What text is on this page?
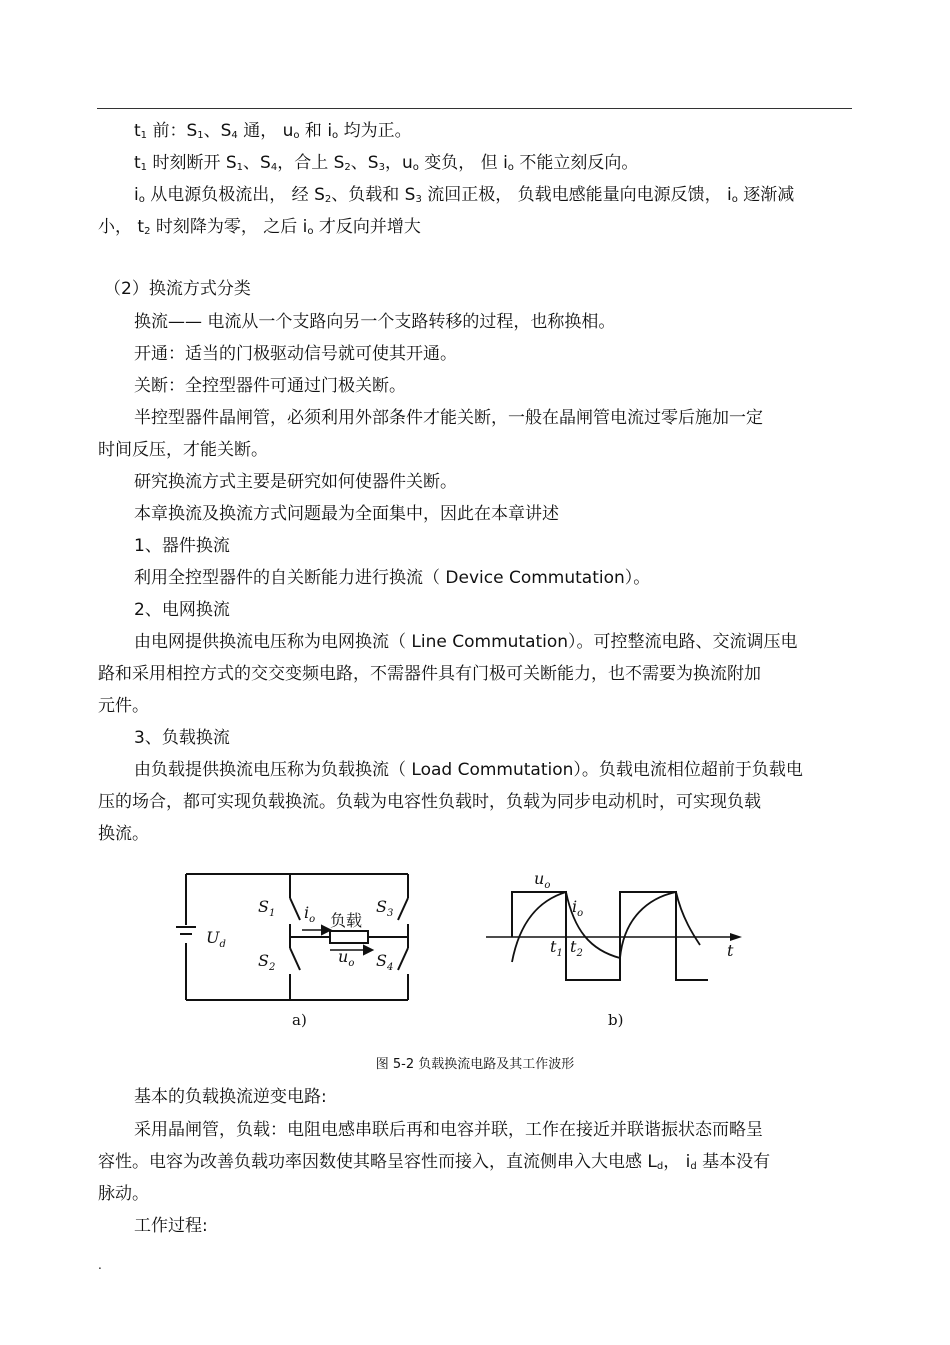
$t_1$ 前：$S_1$、$S_4$ 通， $u_o$ 和 $i_o$ 均为正。
$t_1$ 时刻断开 $S_1$、$S_4$，合上 $S_2$、$S_3$，$u_o$ 变负， 但 $i_o$ 不能立刻反向。
$i_o$ 从电源负极流出， 经 $S_2$、负载和 $S_3$ 流回正极， 负载电感能量向电源反馈， $i_o$ 逐渐减
小， $t_2$ 时刻降为零， 之后 $i_o$ 才反向并增大
（2）换流方式分类
换流—— 电流从一个支路向另一个支路转移的过程，也称换相。
开通：适当的门极驱动信号就可使其开通。
关断：全控型器件可通过门极关断。
半控型器件晶闸管，必须利用外部条件才能关断，一般在晶闸管电流过零后施加一定
时间反压，才能关断。
研究换流方式主要是研究如何使器件关断。
本章换流及换流方式问题最为全面集中，因此在本章讲述
1、器件换流
利用全控型器件的自关断能力进行换流（ Device Commutation）。
2、电网换流
由电网提供换流电压称为电网换流（ Line Commutation）。可控整流电路、交流调压电
路和采用相控方式的交交变频电路，不需器件具有门极可关断能力，也不需要为换流附加
元件。
3、负载换流
由负载提供换流电压称为负载换流（ Load Commutation）。负载电流相位超前于负载电
压的场合，都可实现负载换流。负载为电容性负载时，负载为同步电动机时，可实现负载
换流。
$U_d$
$S_1$
$S_2$
$S_3$
$S_4$
$i_o$
$u_o$
负载
a)
$u_o$
$i_o$
$t_1$ $t_2$	t
b)
图 5-2 负载换流电路及其工作波形
基本的负载换流逆变电路:
采用晶闸管，负载：电阻电感串联后再和电容并联，工作在接近并联谐振状态而略呈
容性。电容为改善负载功率因数使其略呈容性而接入，直流侧串入大电感 $L_d$， $i_d$ 基本没有
脉动。
工作过程:
.
